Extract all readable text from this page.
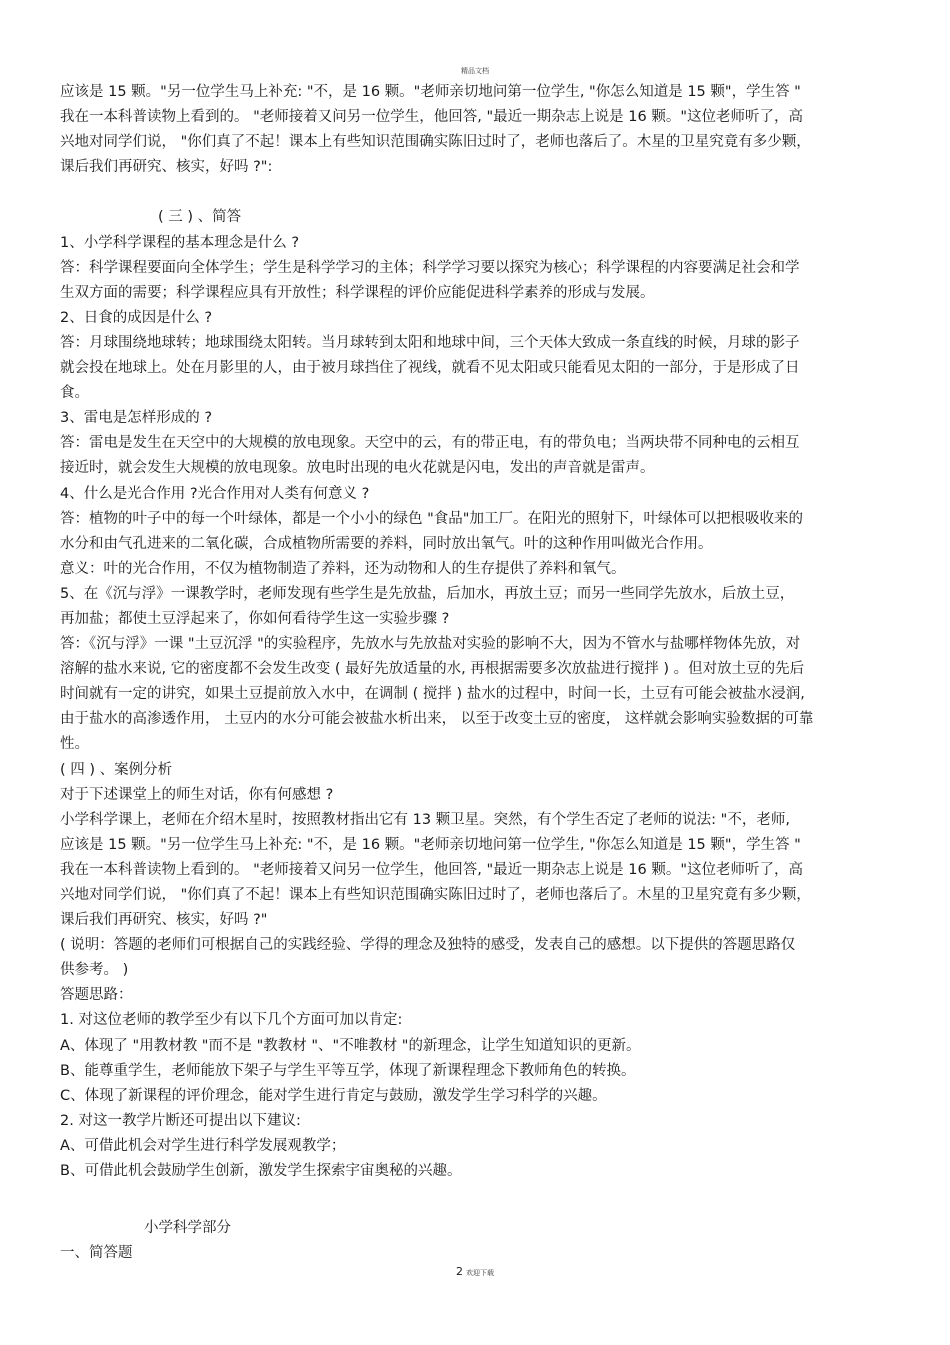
精品文档
应该是 15 颗。"另一位学生马上补充: "不，是 16 颗。"老师亲切地问第一位学生, "你怎么知道是 15 颗"，学生答 "
我在一本科普读物上看到的。 "老师接着又问另一位学生，他回答, "最近一期杂志上说是 16 颗。"这位老师听了，高
兴地对同学们说， "你们真了不起！课本上有些知识范围确实陈旧过时了，老师也落后了。木星的卫星究竟有多少颗，
课后我们再研究、核实，好吗 ?":
( 三 ) 、简答
1、小学科学课程的基本理念是什么 ?
答：科学课程要面向全体学生；学生是科学学习的主体；科学学习要以探究为核心；科学课程的内容要满足社会和学
生双方面的需要；科学课程应具有开放性；科学课程的评价应能促进科学素养的形成与发展。
2、日食的成因是什么 ?
答：月球围绕地球转；地球围绕太阳转。当月球转到太阳和地球中间，三个天体大致成一条直线的时候，月球的影子
就会投在地球上。处在月影里的人，由于被月球挡住了视线，就看不见太阳或只能看见太阳的一部分，于是形成了日
食。
3、雷电是怎样形成的 ?
答：雷电是发生在天空中的大规模的放电现象。天空中的云，有的带正电，有的带负电；当两块带不同种电的云相互
接近时，就会发生大规模的放电现象。放电时出现的电火花就是闪电，发出的声音就是雷声。
4、什么是光合作用 ?光合作用对人类有何意义 ?
答：植物的叶子中的每一个叶绿体，都是一个小小的绿色 "食品"加工厂。在阳光的照射下，叶绿体可以把根吸收来的
水分和由气孔进来的二氧化碳，合成植物所需要的养料，同时放出氧气。叶的这种作用叫做光合作用。
意义：叶的光合作用，不仅为植物制造了养料，还为动物和人的生存提供了养料和氧气。
5、在《沉与浮》一课教学时，老师发现有些学生是先放盐，后加水，再放土豆；而另一些同学先放水，后放土豆，
再加盐；都使土豆浮起来了，你如何看待学生这一实验步骤 ?
答：《沉与浮》一课 "土豆沉浮 "的实验程序，先放水与先放盐对实验的影响不大，因为不管水与盐哪样物体先放，对
溶解的盐水来说, 它的密度都不会发生改变 ( 最好先放适量的水, 再根据需要多次放盐进行搅拌 ) 。但对放土豆的先后
时间就有一定的讲究，如果土豆提前放入水中，在调制 ( 搅拌 ) 盐水的过程中，时间一长，土豆有可能会被盐水浸润,
由于盐水的高渗透作用， 土豆内的水分可能会被盐水析出来， 以至于改变土豆的密度， 这样就会影响实验数据的可靠
性。
( 四 ) 、案例分析
对于下述课堂上的师生对话，你有何感想 ?
小学科学课上，老师在介绍木星时，按照教材指出它有 13 颗卫星。突然，有个学生否定了老师的说法: "不，老师,
应该是 15 颗。"另一位学生马上补充: "不，是 16 颗。"老师亲切地问第一位学生, "你怎么知道是 15 颗"，学生答 "
我在一本科普读物上看到的。 "老师接着又问另一位学生，他回答, "最近一期杂志上说是 16 颗。"这位老师听了，高
兴地对同学们说， "你们真了不起！课本上有些知识范围确实陈旧过时了，老师也落后了。木星的卫星究竟有多少颗，
课后我们再研究、核实，好吗 ?"
( 说明：答题的老师们可根据自己的实践经验、学得的理念及独特的感受，发表自己的感想。以下提供的答题思路仅
供参考。 )
答题思路：
1. 对这位老师的教学至少有以下几个方面可加以肯定:
A、体现了 "用教材教 "而不是 "教教材 "、"不唯教材 "的新理念，让学生知道知识的更新。
B、能尊重学生，老师能放下架子与学生平等互学，体现了新课程理念下教师角色的转换。
C、体现了新课程的评价理念，能对学生进行肯定与鼓励，激发学生学习科学的兴趣。
2. 对这一教学片断还可提出以下建议:
A、可借此机会对学生进行科学发展观教学；
B、可借此机会鼓励学生创新，激发学生探索宇宙奥秘的兴趣。
小学科学部分
一、简答题
2 欢迎下载
